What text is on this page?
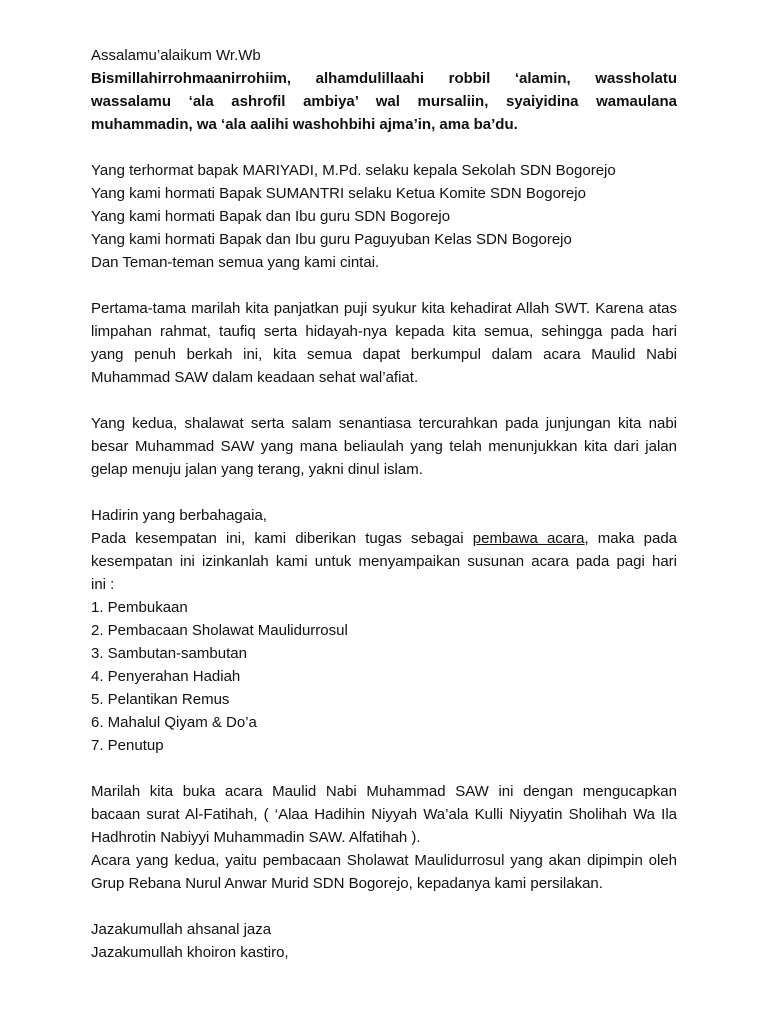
Assalamu’alaikum Wr.Wb
Bismillahirrohmaanirrohiim, alhamdulillaahi robbil ‘alamin, wassholatu
wassalamu ‘ala ashrofil ambiya’ wal mursaliin, syaiyidina wamaulana
muhammadin, wa ‘ala aalihi washohbihi ajma’in, ama ba’du.
Yang terhormat bapak MARIYADI, M.Pd. selaku kepala Sekolah SDN Bogorejo
Yang kami hormati Bapak SUMANTRI selaku Ketua Komite SDN Bogorejo
Yang kami hormati Bapak dan Ibu guru SDN Bogorejo
Yang kami hormati Bapak dan Ibu guru Paguyuban Kelas SDN Bogorejo
Dan Teman-teman semua yang kami cintai.
Pertama-tama marilah kita panjatkan puji syukur kita kehadirat Allah SWT. Karena atas
limpahan rahmat, taufiq serta hidayah-nya kepada kita semua, sehingga pada hari
yang penuh berkah ini, kita semua dapat berkumpul dalam acara Maulid Nabi
Muhammad SAW dalam keadaan sehat wal’afiat.
Yang kedua, shalawat serta salam senantiasa tercurahkan pada junjungan kita nabi
besar Muhammad SAW yang mana beliaulah yang telah menunjukkan kita dari jalan
gelap menuju jalan yang terang, yakni dinul islam.
Hadirin yang berbahagaia,
Pada kesempatan ini, kami diberikan tugas sebagai pembawa acara, maka pada
kesempatan ini izinkanlah kami untuk menyampaikan susunan acara pada pagi hari
ini :
1. Pembukaan
2. Pembacaan Sholawat Maulidurrosul
3. Sambutan-sambutan
4. Penyerahan Hadiah
5. Pelantikan Remus
6. Mahalul Qiyam & Do’a
7. Penutup
Marilah kita buka acara Maulid Nabi Muhammad SAW ini dengan mengucapkan
bacaan surat Al-Fatihah, ( ‘Alaa Hadihin Niyyah Wa’ala Kulli Niyyatin Sholihah Wa Ila
Hadhrotin Nabiyyi Muhammadin SAW. Alfatihah ).
Acara yang kedua, yaitu pembacaan Sholawat Maulidurrosul yang akan dipimpin oleh
Grup Rebana Nurul Anwar Murid SDN Bogorejo, kepadanya kami persilakan.
Jazakumullah ahsanal jaza
Jazakumullah khoiron kastiro,
